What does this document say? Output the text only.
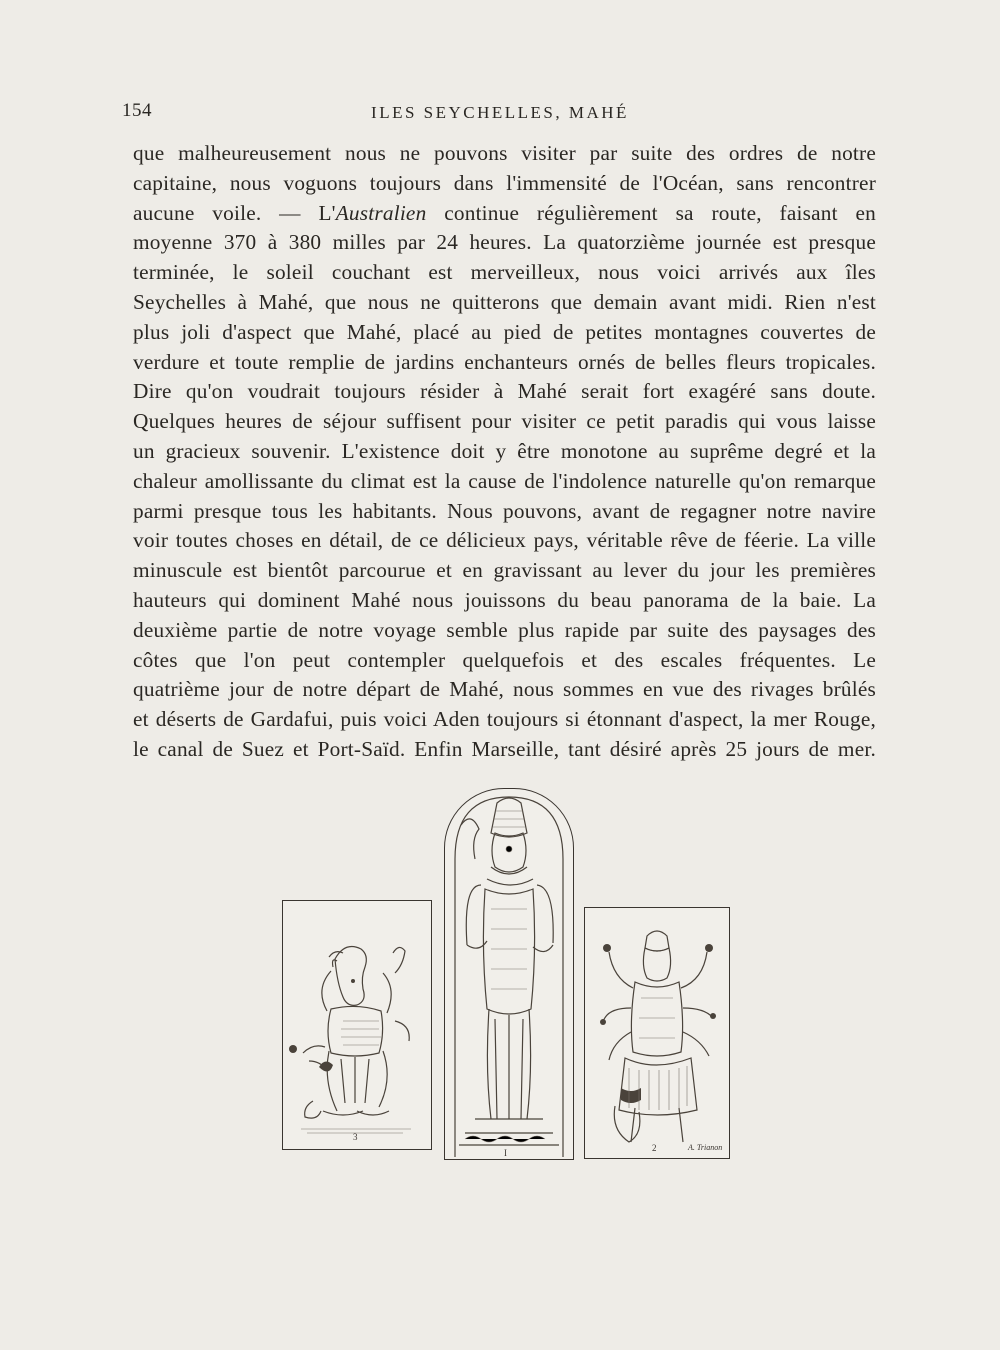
154	ILES SEYCHELLES, MAHÉ
que malheureusement nous ne pouvons visiter par suite des ordres de notre
capitaine, nous voguons toujours dans l'immensité de l'Océan, sans rencontrer
aucune voile. — L'Australien continue régulièrement sa route, faisant en
moyenne 370 à 380 milles par 24 heures. La quatorzième journée est presque
terminée, le soleil couchant est merveilleux, nous voici arrivés aux îles
Seychelles à Mahé, que nous ne quitterons que demain avant midi. Rien n'est
plus joli d'aspect que Mahé, placé au pied de petites montagnes couvertes de
verdure et toute remplie de jardins enchanteurs ornés de belles fleurs tropicales.
Dire qu'on voudrait toujours résider à Mahé serait fort exagéré sans doute.
Quelques heures de séjour suffisent pour visiter ce petit paradis qui vous laisse
un gracieux souvenir. L'existence doit y être monotone au suprême degré et la
chaleur amollissante du climat est la cause de l'indolence naturelle qu'on remarque
parmi presque tous les habitants. Nous pouvons, avant de regagner notre navire
voir toutes choses en détail, de ce délicieux pays, véritable rêve de féerie. La ville
minuscule est bientôt parcourue et en gravissant au lever du jour les premières
hauteurs qui dominent Mahé nous jouissons du beau panorama de la baie. La
deuxième partie de notre voyage semble plus rapide par suite des paysages des
côtes que l'on peut contempler quelquefois et des escales fréquentes. Le
quatrième jour de notre départ de Mahé, nous sommes en vue des rivages brûlés
et déserts de Gardafui, puis voici Aden toujours si étonnant d'aspect, la mer Rouge,
le canal de Suez et Port-Saïd. Enfin Marseille, tant désiré après 25 jours de mer.
3
I	2	A. Trianon
